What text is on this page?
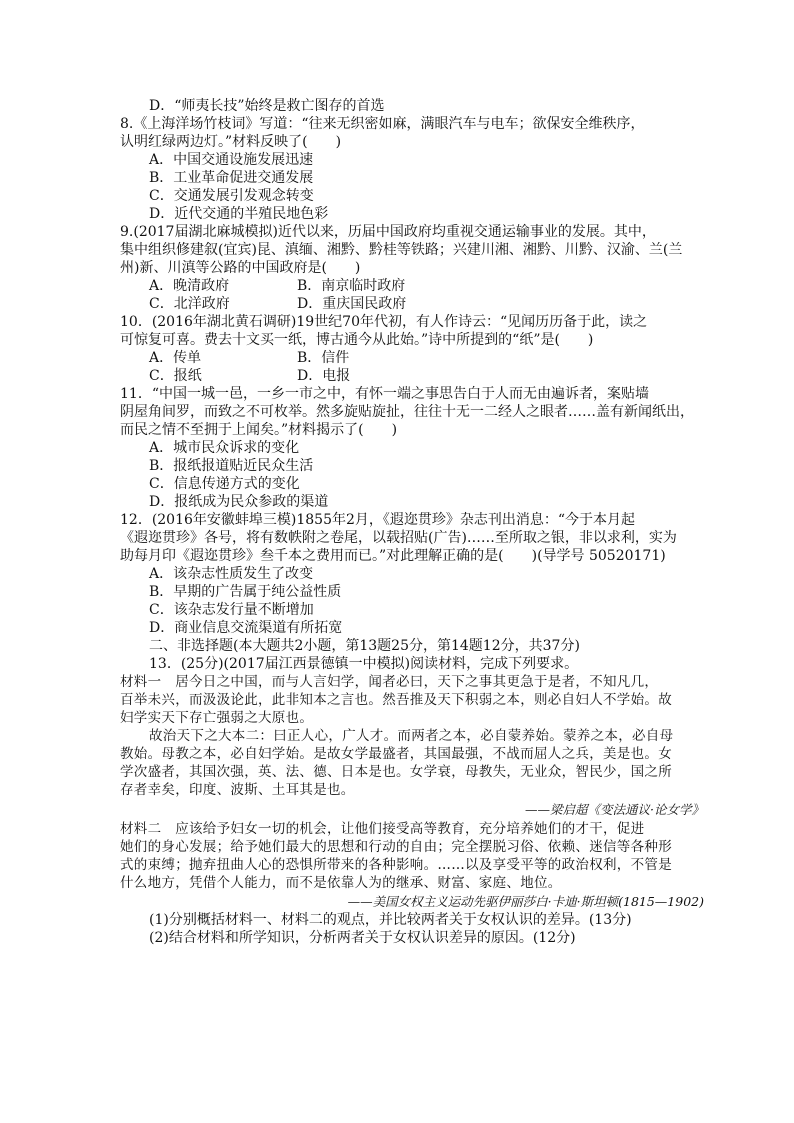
D．“师夷长技”始终是救亡图存的首选
8.《上海洋场竹枝词》写道：“往来无织密如麻，满眼汽车与电车；欲保安全维秩序，
认明红绿两边灯。”材料反映了(　　)
A．中国交通设施发展迅速
B．工业革命促进交通发展
C．交通发展引发观念转变
D．近代交通的半殖民地色彩
9.(2017届湖北麻城模拟)近代以来，历届中国政府均重视交通运输事业的发展。其中，
集中组织修建叙(宜宾)昆、滇缅、湘黔、黔桂等铁路；兴建川湘、湘黔、川黔、汉渝、兰(兰
州)新、川滇等公路的中国政府是(　　)
A．晚清政府	B．南京临时政府
C．北洋政府	D．重庆国民政府
10．(2016年湖北黄石调研)19世纪70年代初，有人作诗云：“见闻历历备于此，读之
可惊复可喜。费去十文买一纸，博古通今从此始。”诗中所提到的“纸”是(　　)
A．传单	B．信件
C．报纸	D．电报
11．“中国一城一邑，一乡一市之中，有怀一端之事思告白于人而无由遍诉者，案贴墙
阴屋角间罗，而致之不可枚举。然多旋贴旋扯，往往十无一二经人之眼者……盖有新闻纸出，
而民之情不至拥于上闻矣。”材料揭示了(　　)
A．城市民众诉求的变化
B．报纸报道贴近民众生活
C．信息传递方式的变化
D．报纸成为民众参政的渠道
12．(2016年安徽蚌埠三模)1855年2月，《遐迩贯珍》杂志刊出消息：“今于本月起
《遐迩贯珍》各号，将有数帙附之卷尾，以载招贴(广告)……至所取之银，非以求利，实为
助每月印《遐迩贯珍》叁千本之费用而已。”对此理解正确的是(　　)(导学号 50520171)
A．该杂志性质发生了改变
B．早期的广告属于纯公益性质
C．该杂志发行量不断增加
D．商业信息交流渠道有所拓宽
二、非选择题(本大题共2小题，第13题25分，第14题12分，共37分)
13．(25分)(2017届江西景德镇一中模拟)阅读材料，完成下列要求。
材料一　居今日之中国，而与人言妇学，闻者必曰，天下之事其更急于是者，不知凡几，
百举未兴，而汲汲论此，此非知本之言也。然吾推及天下积弱之本，则必自妇人不学始。故
妇学实天下存亡强弱之大原也。
故治天下之大本二：曰正人心，广人才。而两者之本，必自蒙养始。蒙养之本，必自母
教始。母教之本，必自妇学始。是故女学最盛者，其国最强，不战而屈人之兵，美是也。女
学次盛者，其国次强，英、法、德、日本是也。女学衰，母教失，无业众，智民少，国之所
存者幸矣，印度、波斯、土耳其是也。
——梁启超《变法通议·论女学》
材料二　应该给予妇女一切的机会，让他们接受高等教育，充分培养她们的才干，促进
她们的身心发展；给予她们最大的思想和行动的自由；完全摆脱习俗、依赖、迷信等各种形
式的束缚；抛弃扭曲人心的恐惧所带来的各种影响。……以及享受平等的政治权利，不管是
什么地方，凭借个人能力，而不是依靠人为的继承、财富、家庭、地位。
——美国女权主义运动先驱伊丽莎白·卡迪·斯坦顿(1815—1902)
(1)分别概括材料一、材料二的观点，并比较两者关于女权认识的差异。(13分)
(2)结合材料和所学知识，分析两者关于女权认识差异的原因。(12分)
